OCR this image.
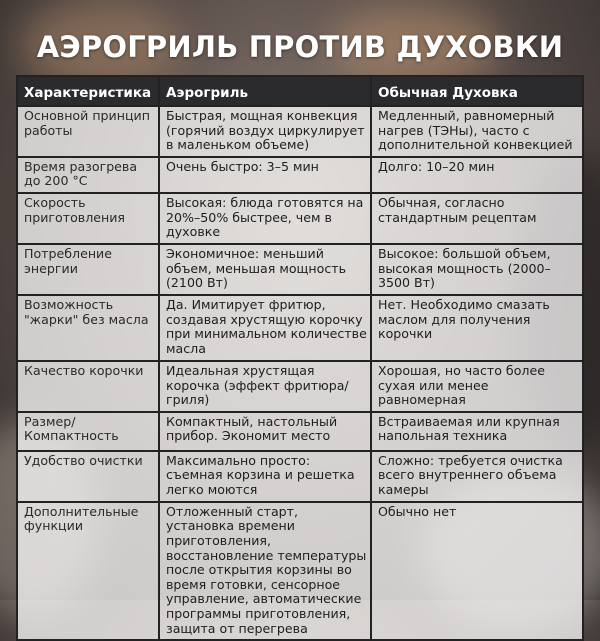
АЭРОГРИЛЬ ПРОТИВ ДУХОВКИ
Характеристика	Аэрогриль	Обычная Духовка
Основной принцип работы	Быстрая, мощная конвекция (горячий воздух циркулирует в маленьком объеме)	Медленный, равномерный нагрев (ТЭНы), часто с дополнительной конвекцией
Время разогрева до 200 °C	Очень быстро: 3–5 мин	Долго: 10–20 мин
Скорость приготовления	Высокая: блюда готовятся на 20%–50% быстрее, чем в духовке	Обычная, согласно стандартным рецептам
Потребление энергии	Экономичное: меньший объем, меньшая мощность (2100 Вт)	Высокое: большой объем, высокая мощность (2000–3500 Вт)
Возможность "жарки" без масла	Да. Имитирует фритюр, создавая хрустящую корочку при минимальном количестве масла	Нет. Необходимо смазать маслом для получения корочки
Качество корочки	Идеальная хрустящая корочка (эффект фритюра/гриля)	Хорошая, но часто более сухая или менее равномерная
Размер/ Компактность	Компактный, настольный прибор. Экономит место	Встраиваемая или крупная напольная техника
Удобство очистки	Максимально просто: съемная корзина и решетка легко моются	Сложно: требуется очистка всего внутреннего объема камеры
Дополнительные функции	Отложенный старт, установка времени приготовления, восстановление температуры после открытия корзины во время готовки, сенсорное управление, автоматические программы приготовления, защита от перегрева	Обычно нет
